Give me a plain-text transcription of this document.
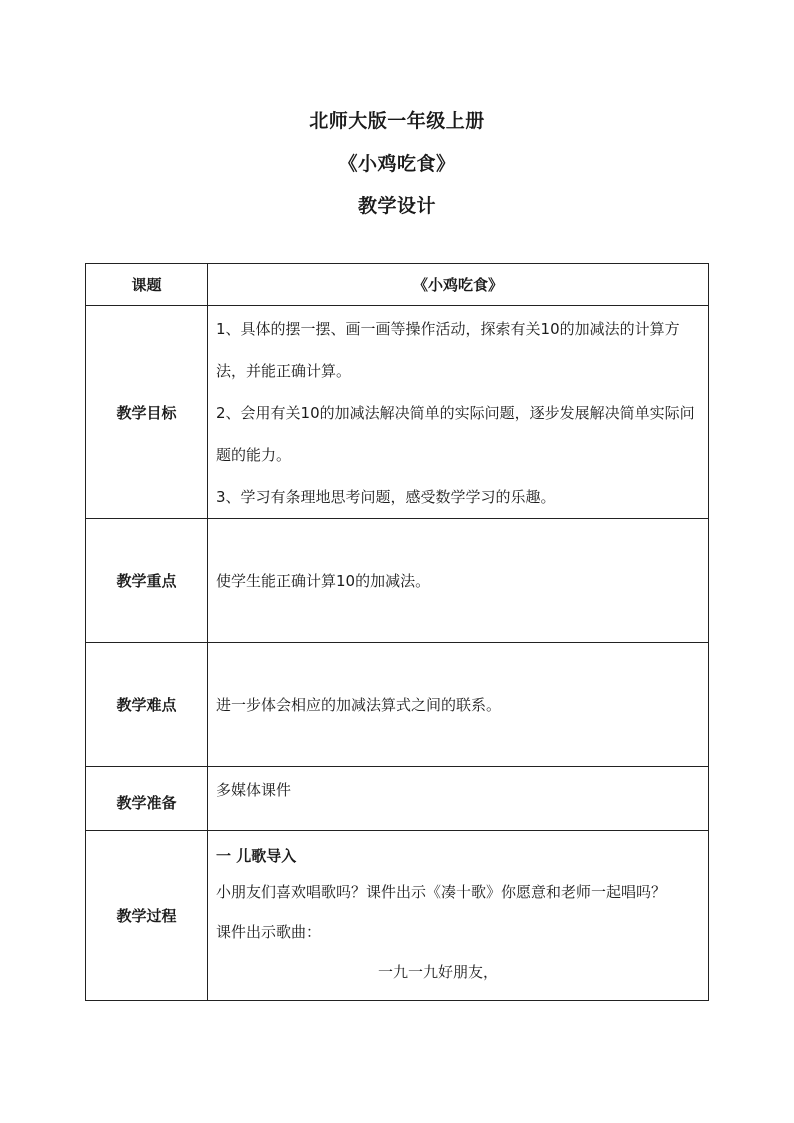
北师大版一年级上册
《小鸡吃食》
教学设计
课题	《小鸡吃食》
教学目标	1、具体的摆一摆、画一画等操作活动，探索有关10的加减法的计算方法，并能正确计算。

2、会用有关10的加减法解决简单的实际问题，逐步发展解决简单实际问题的能力。

3、学习有条理地思考问题，感受数学学习的乐趣。

教学重点	使学生能正确计算10的加减法。
教学难点	进一步体会相应的加减法算式之间的联系。
教学准备	多媒体课件
教学过程	一 儿歌导入

小朋友们喜欢唱歌吗？课件出示《凑十歌》你愿意和老师一起唱吗？

课件出示歌曲：

一九一九好朋友，
